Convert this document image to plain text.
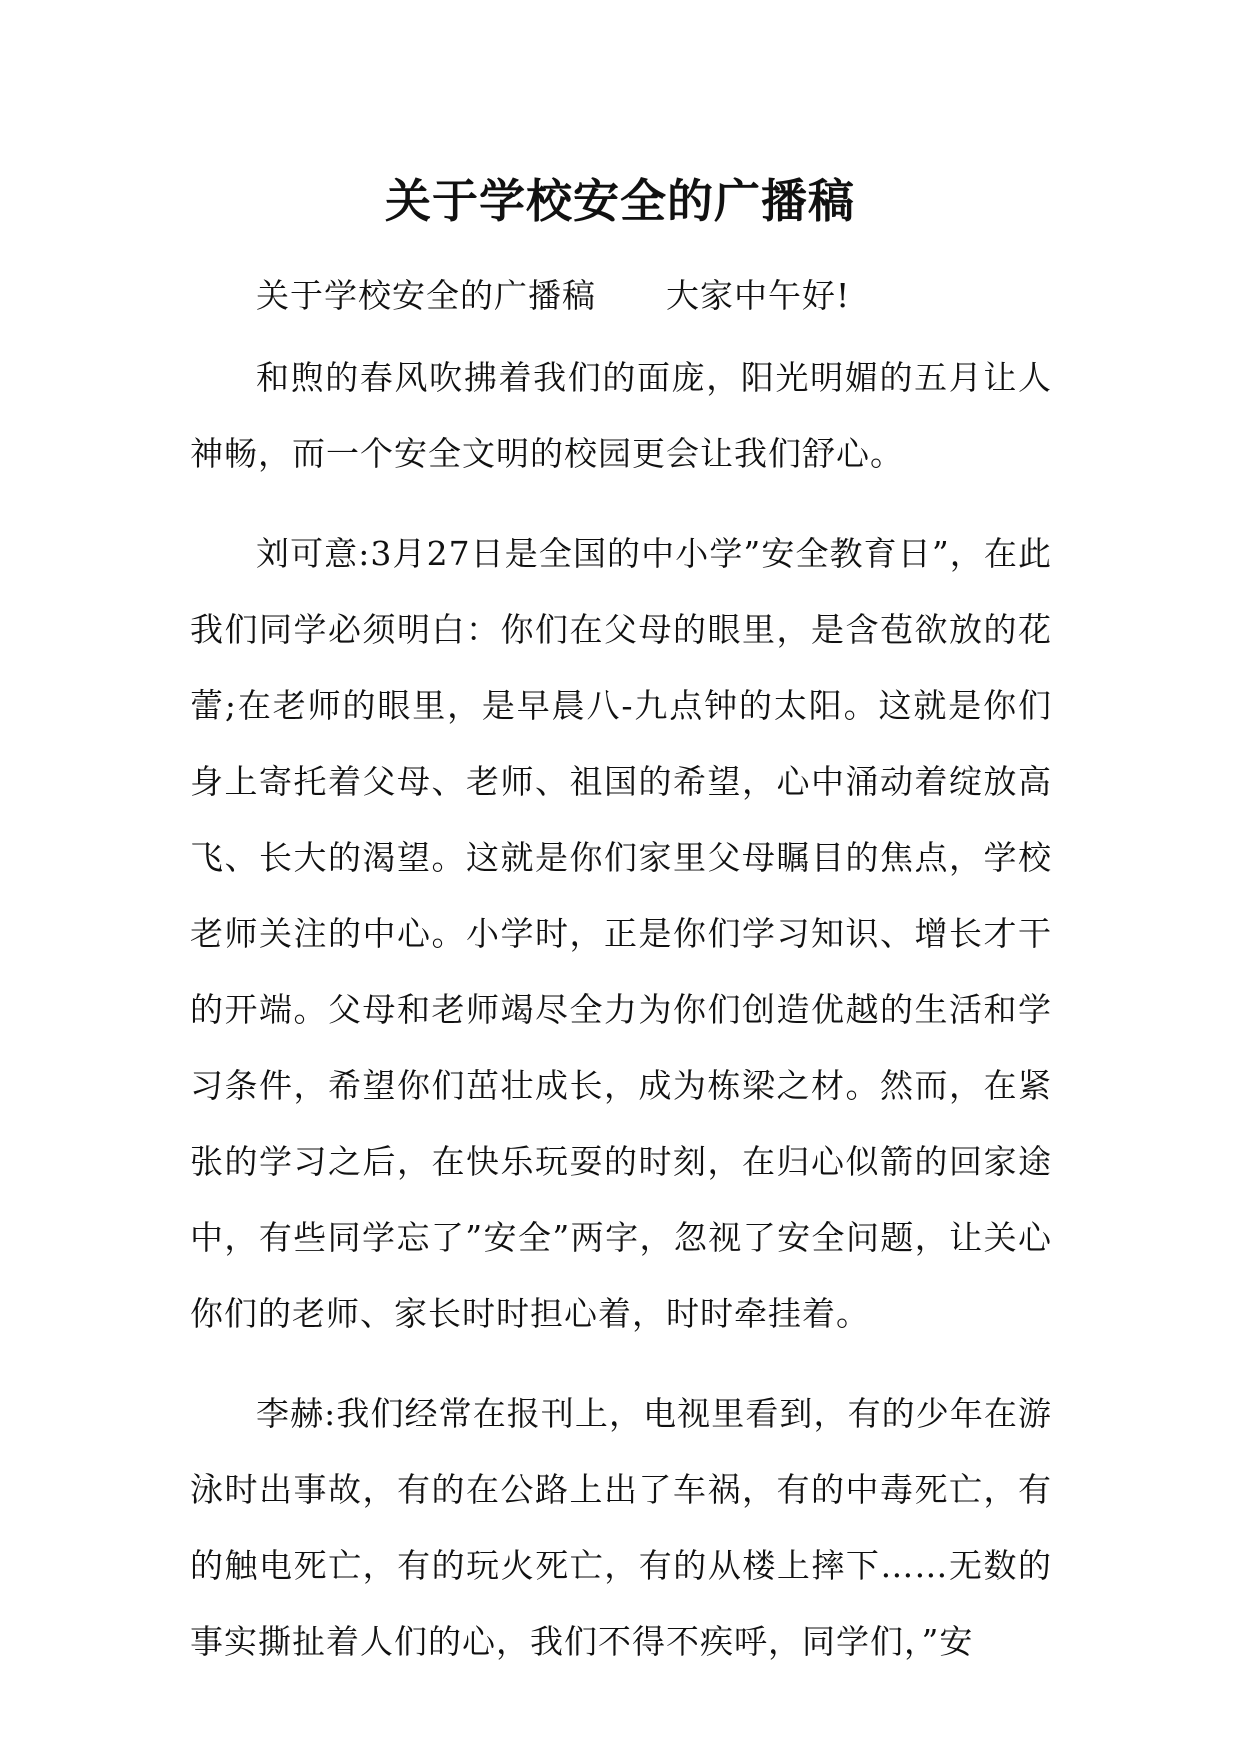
关于学校安全的广播稿

关于学校安全的广播稿 大家中午好!

和煦的春风吹拂着我们的面庞，阳光明媚的五月让人神畅，而一个安全文明的校园更会让我们舒心。

刘可意:3月27日是全国的中小学”安全教育日”，在此我们同学必须明白：你们在父母的眼里，是含苞欲放的花蕾;在老师的眼里，是早晨八-九点钟的太阳。这就是你们身上寄托着父母、老师、祖国的希望，心中涌动着绽放高飞、长大的渴望。这就是你们家里父母瞩目的焦点，学校老师关注的中心。小学时，正是你们学习知识、增长才干的开端。父母和老师竭尽全力为你们创造优越的生活和学习条件，希望你们茁壮成长，成为栋梁之材。然而，在紧张的学习之后，在快乐玩耍的时刻，在归心似箭的回家途中，有些同学忘了”安全”两字，忽视了安全问题，让关心你们的老师、家长时时担心着，时时牵挂着。

李赫:我们经常在报刊上，电视里看到，有的少年在游泳时出事故，有的在公路上出了车祸，有的中毒死亡，有的触电死亡，有的玩火死亡，有的从楼上摔下……无数的事实撕扯着人们的心，我们不得不疾呼，同学们，”安
